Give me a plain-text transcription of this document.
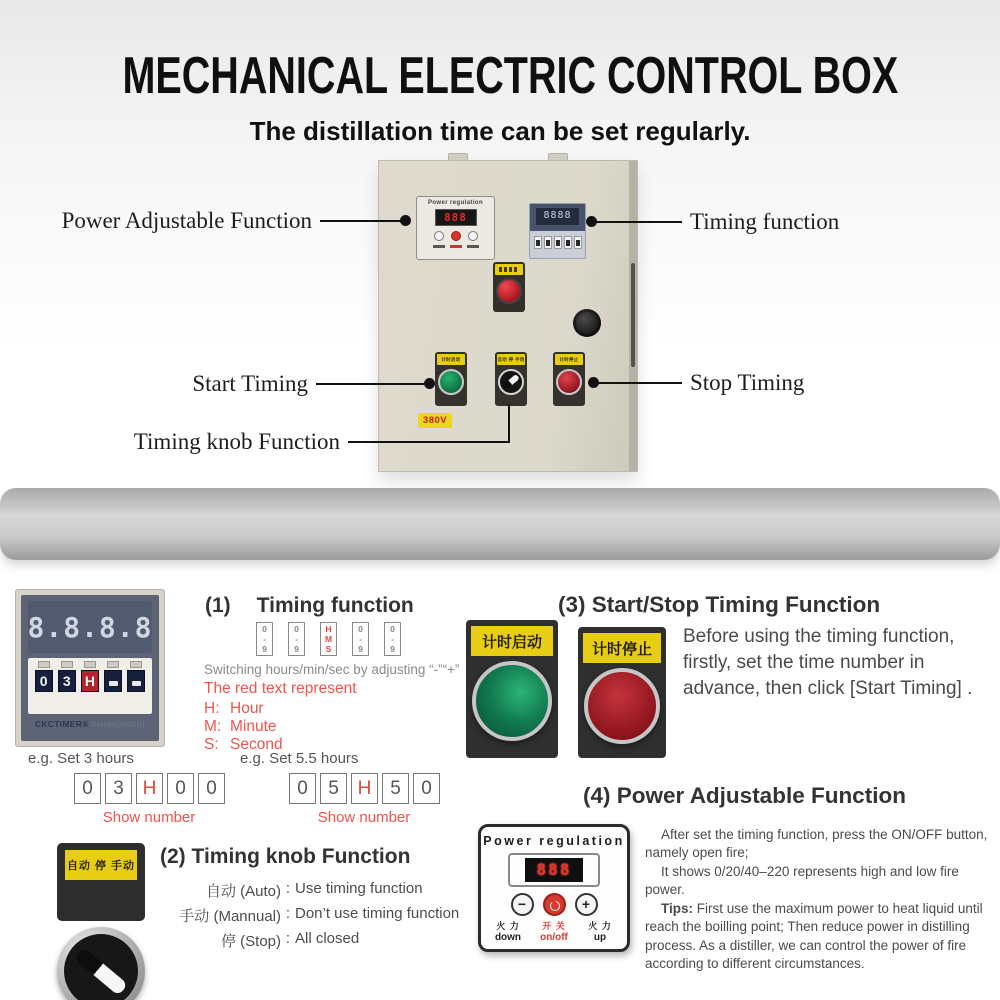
MECHANICAL ELECTRIC CONTROL BOX
The distillation time can be set regularly.
Power regulation
888	8888
计时启动	自动 停 手动	计时停止
380V
Power Adjustable Function	Timing function
Start Timing	Stop Timing
Timing knob Function
8.8.8.8
0	3	H
CKCTIMER® DH48S(HSCN)
(1) Timing function
0
-
9
0
-
9
H
M
S
0
-
9
0
-
9
Switching hours/min/sec by adjusting “-”“+”
The red text represent
H: Hour
M: Minute
S: Second
e.g. Set 3 hours	e.g. Set 5.5 hours
0	3 H 0	0	0	5 H 5	0
Show number	Show number
自动 停 手动 (2) Timing knob Function
自动 (Auto) : Use timing function
手动 (Mannual) : Don’t use timing function
停 (Stop) : All closed
(3) Start/Stop Timing Function
计时启动	计时停止
Before using the timing function, firstly, set the time number in advance, then click [Start Timing] .
(4) Power Adjustable Function
Power regulation
888
−	+
火 力
down
开 关
on/off
火 力
up

After set the timing function, press the ON/OFF button, namely open fire;

It shows 0/20/40–220 represents high and low fire power.

Tips: First use the maximum power to heat liquid until reach the boilling point; Then reduce power in distilling process. As a distiller, we can control the power of fire according to different circumstances.
